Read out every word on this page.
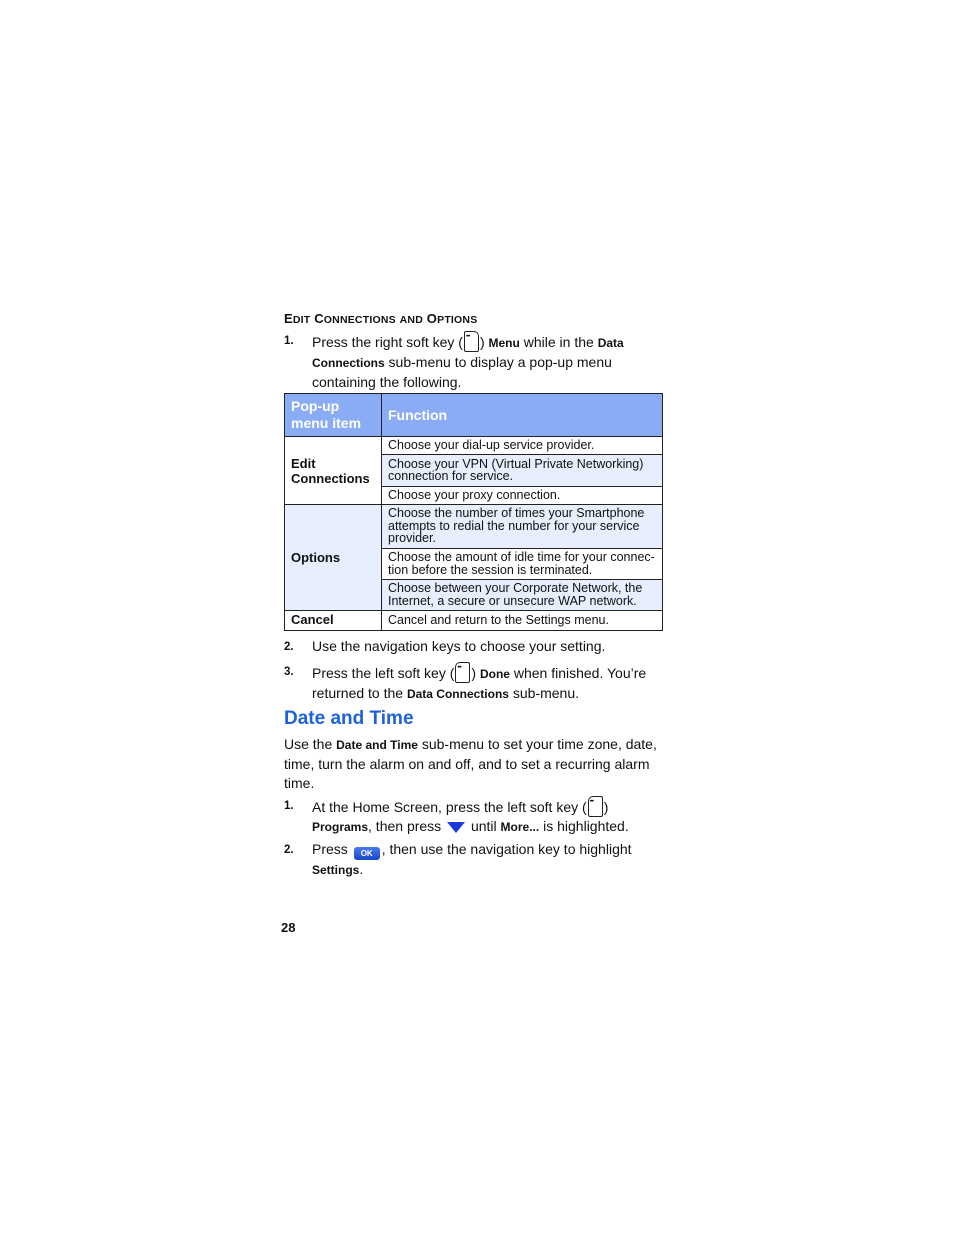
EDIT CONNECTIONS AND OPTIONS
1. Press the right soft key ( ••• ) Menu while in the Data Connections sub-menu to display a pop-up menu containing the following.
Pop-up menu item	Function
Edit Connections	Choose your dial-up service provider.
	Choose your VPN (Virtual Private Networking) connection for service.
	Choose your proxy connection.
Options	Choose the number of times your Smartphone attempts to redial the number for your service provider.
	Choose the amount of idle time for your connec-tion before the session is terminated.
	Choose between your Corporate Network, the Internet, a secure or unsecure WAP network.
Cancel	Cancel and return to the Settings menu.
2. Use the navigation keys to choose your setting.
3. Press the left soft key ( ••• ) Done when finished. You’re returned to the Data Connections sub-menu.
Date and Time
Use the Date and Time sub-menu to set your time zone, date, time, turn the alarm on and off, and to set a recurring alarm time.
1. At the Home Screen, press the left soft key ( ••• )
Programs, then press  until More... is highlighted.
2. Press OK , then use the navigation key to highlight Settings.
28
